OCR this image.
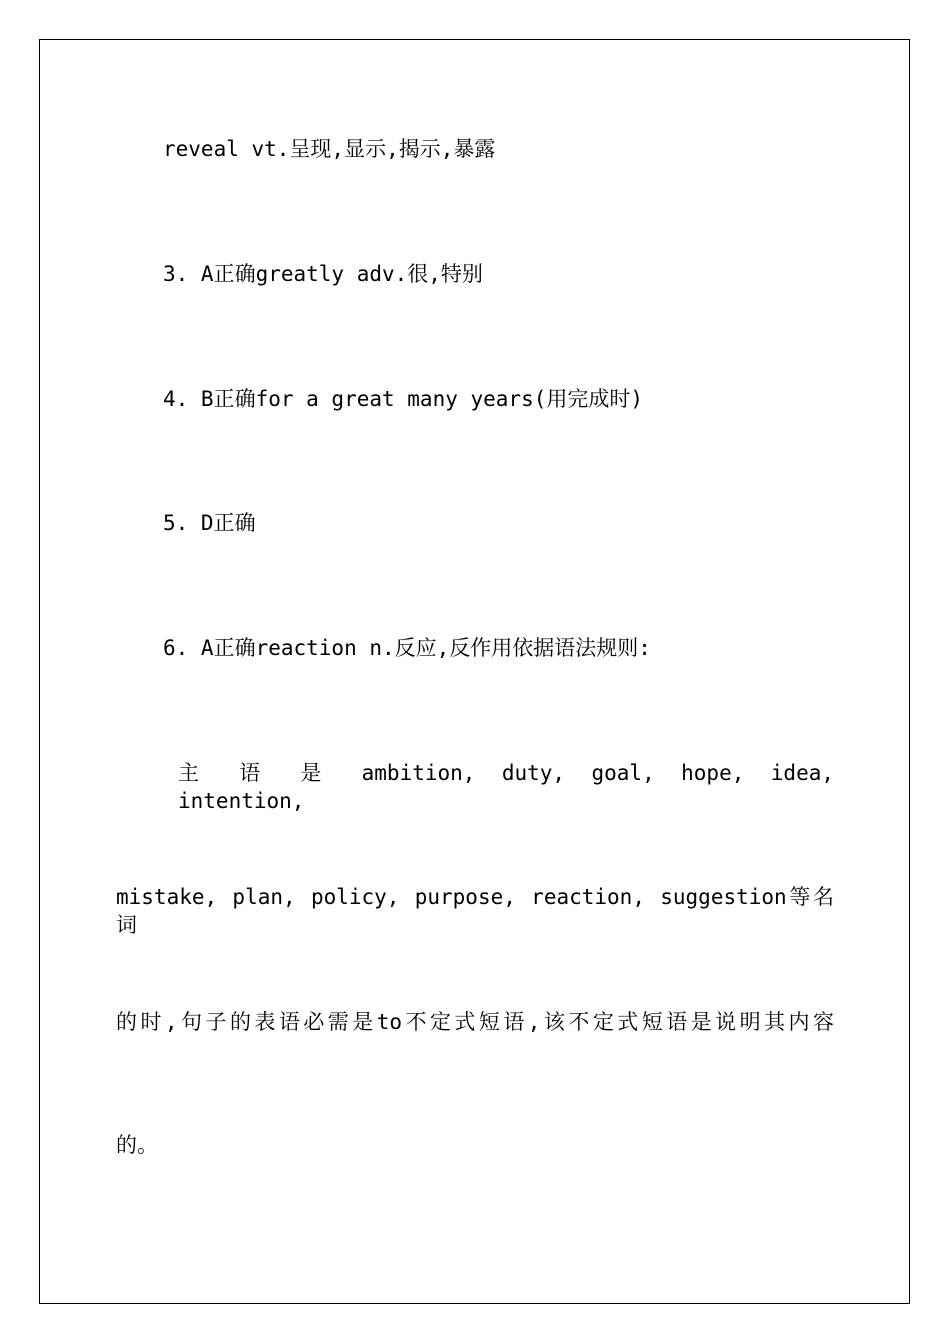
reveal vt.呈现,显示,揭示,暴露
3. A正确greatly adv.很,特别
4. B正确for a great many years(用完成时)
5. D正确
6. A正确reaction n.反应,反作用依据语法规则:
主 语 是 ambition, duty, goal, hope, idea, intention,
mistake, plan, policy, purpose, reaction, suggestion等名词
的时,句子的表语必需是to不定式短语,该不定式短语是说明其内容
的。
